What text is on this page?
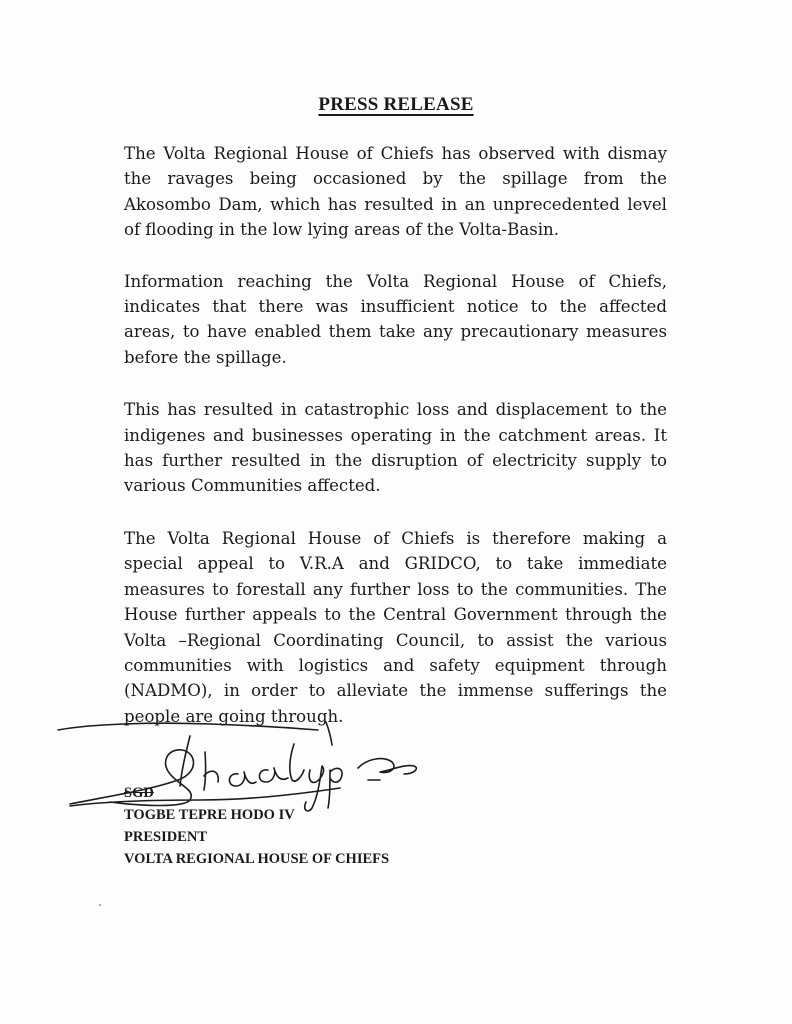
PRESS RELEASE

The Volta Regional House of Chiefs has observed with dismay the ravages being occasioned by the spillage from the Akosombo Dam, which has resulted in an unprecedented level of flooding in the low lying areas of the Volta-Basin.

Information reaching the Volta Regional House of Chiefs, indicates that there was insufficient notice to the affected areas, to have enabled them take any precautionary measures before the spillage.

This has resulted in catastrophic loss and displacement to the indigenes and businesses operating in the catchment areas. It has further resulted in the disruption of electricity supply to various Communities affected.

The Volta Regional House of Chiefs is therefore making a special appeal to V.R.A and GRIDCO, to take immediate measures to forestall any further loss to the communities. The House further appeals to the Central Government through the Volta –Regional Coordinating Council, to assist the various communities with logistics and safety equipment through (NADMO), in order to alleviate the immense sufferings the people are going through.

SGD
TOGBE TEPRE HODO IV
PRESIDENT
VOLTA REGIONAL HOUSE OF CHIEFS
